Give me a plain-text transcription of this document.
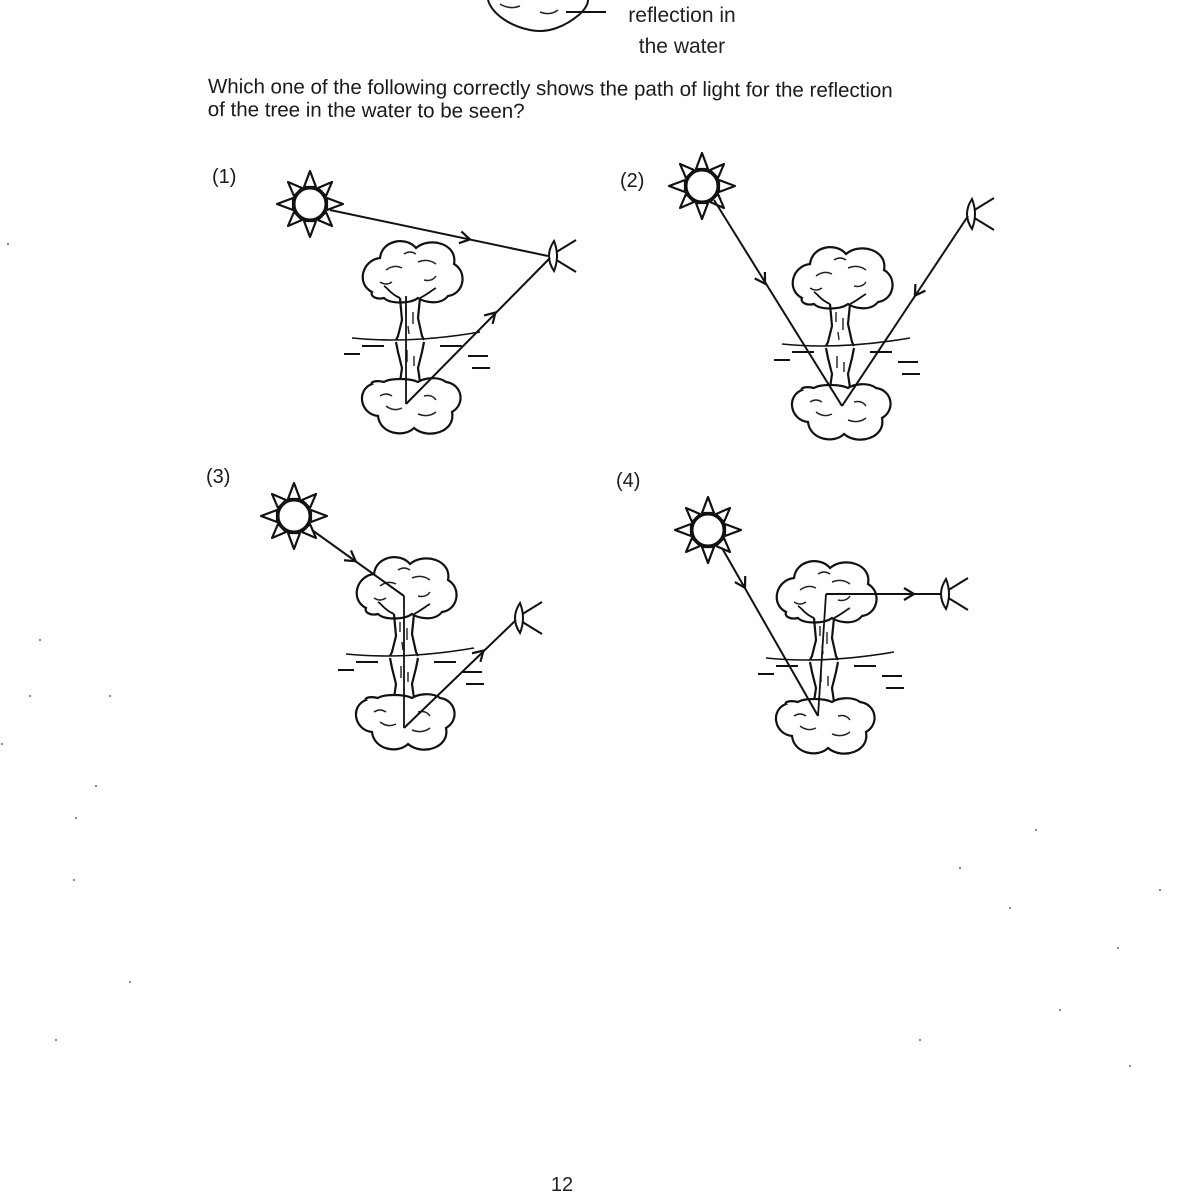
reflection in
the water
Which one of the following correctly shows the path of light for the reflection
of the tree in the water to be seen?
(1)	(2)
(3)	(4)
12
